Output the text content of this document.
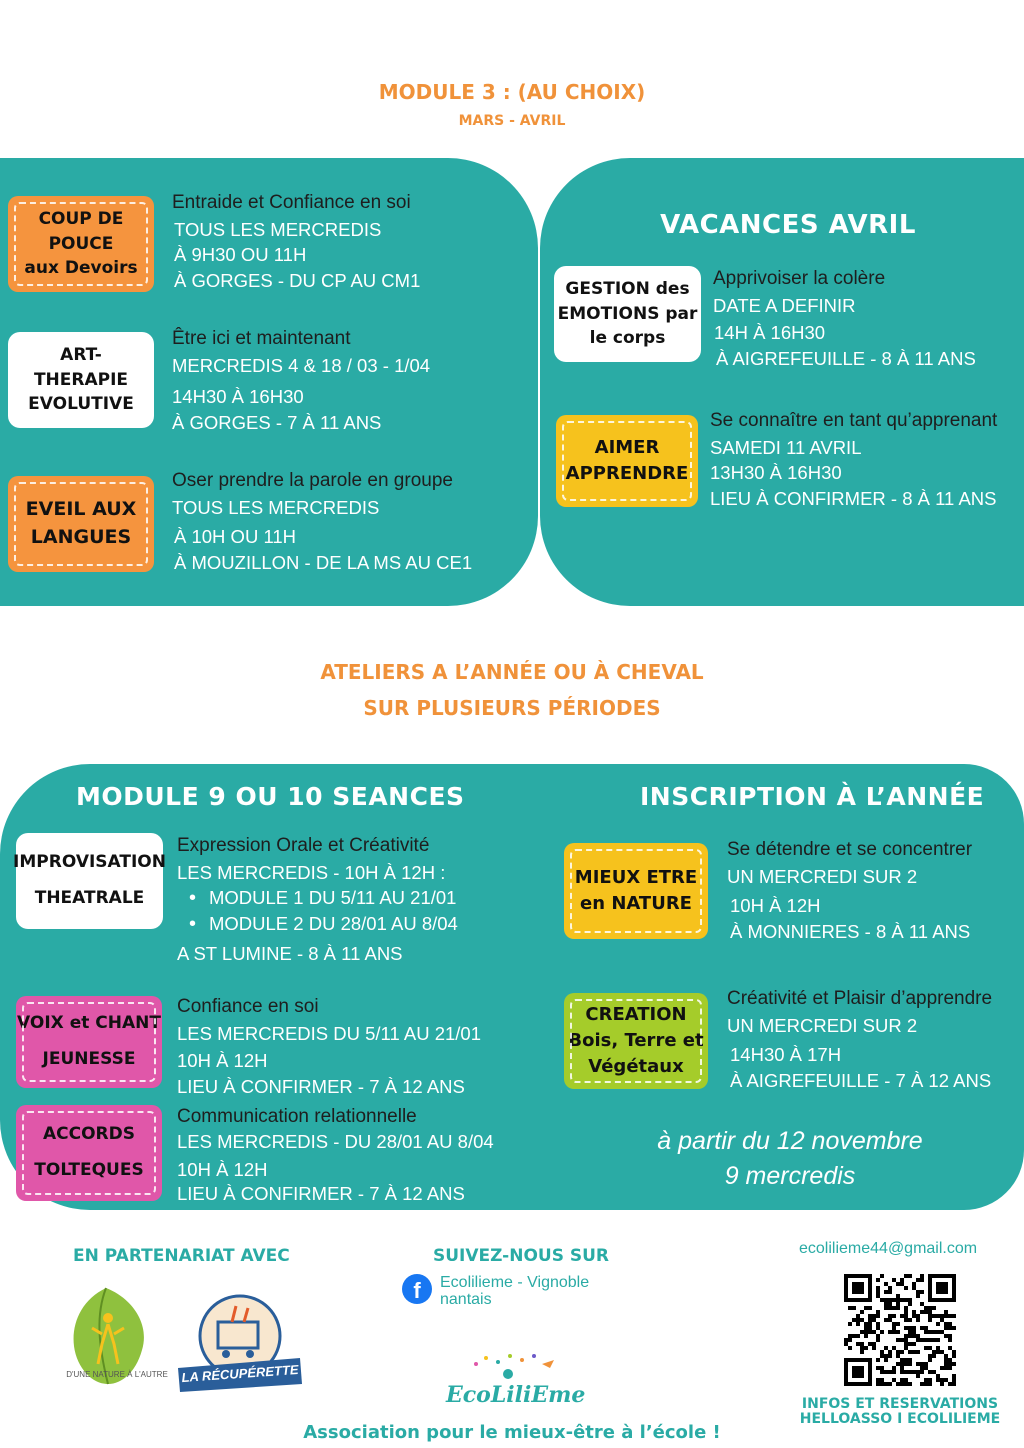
MODULE 3 : (AU CHOIX)
MARS - AVRIL
COUP DE
POUCE
aux Devoirs
Entraide et Confiance en soi
TOUS LES MERCREDIS
À 9H30 OU 11H
À GORGES - DU CP AU CM1
ART-
THERAPIE
EVOLUTIVE
Être ici et maintenant
MERCREDIS 4 & 18 / 03 - 1/04
14H30 À 16H30
À GORGES - 7 À 11 ANS
EVEIL AUX
LANGUES
Oser prendre la parole en groupe
TOUS LES MERCREDIS
À 10H OU 11H
À MOUZILLON - DE LA MS AU CE1
VACANCES AVRIL
GESTION des
EMOTIONS par
le corps
Apprivoiser la colère
DATE A DEFINIR
14H À 16H30
À AIGREFEUILLE - 8 À 11 ANS
AIMER
APPRENDRE
Se connaître en tant qu’apprenant
SAMEDI 11 AVRIL
13H30 À 16H30
LIEU À CONFIRMER - 8 À 11 ANS
ATELIERS A L’ANNÉE OU À CHEVAL
SUR PLUSIEURS PÉRIODES
MODULE 9 OU 10 SEANCES	INSCRIPTION À L’ANNÉE
IMPROVISATION
THEATRALE
Expression Orale et Créativité
LES MERCREDIS - 10H À 12H :
• MODULE 1 DU 5/11 AU 21/01
• MODULE 2 DU 28/01 AU 8/04
A ST LUMINE - 8 À 11 ANS
VOIX et CHANT
JEUNESSE
Confiance en soi
LES MERCREDIS DU 5/11 AU 21/01
10H À 12H
LIEU À CONFIRMER - 7 À 12 ANS
ACCORDS
TOLTEQUES
Communication relationnelle
LES MERCREDIS - DU 28/01 AU 8/04
10H À 12H
LIEU À CONFIRMER - 7 À 12 ANS
MIEUX ETRE
en NATURE
Se détendre et se concentrer
UN MERCREDI SUR 2
10H À 12H
À MONNIERES - 8 À 11 ANS
CREATION
Bois, Terre et
Végétaux
Créativité et Plaisir d’apprendre
UN MERCREDI SUR 2
14H30 À 17H
À AIGREFEUILLE - 7 À 12 ANS
à partir du 12 novembre
9 mercredis
EN PARTENARIAT AVEC
D'UNE NATURE À L'AUTRE	LA RÉCUPÉRETTE
SUIVEZ-NOUS SUR
f	Ecolilieme - Vignoble
nantais
EcoLiliEme
Association pour le mieux-être à l’école !
ecolilieme44@gmail.com
INFOS ET RESERVATIONS
HELLOASSO I ECOLILIEME
